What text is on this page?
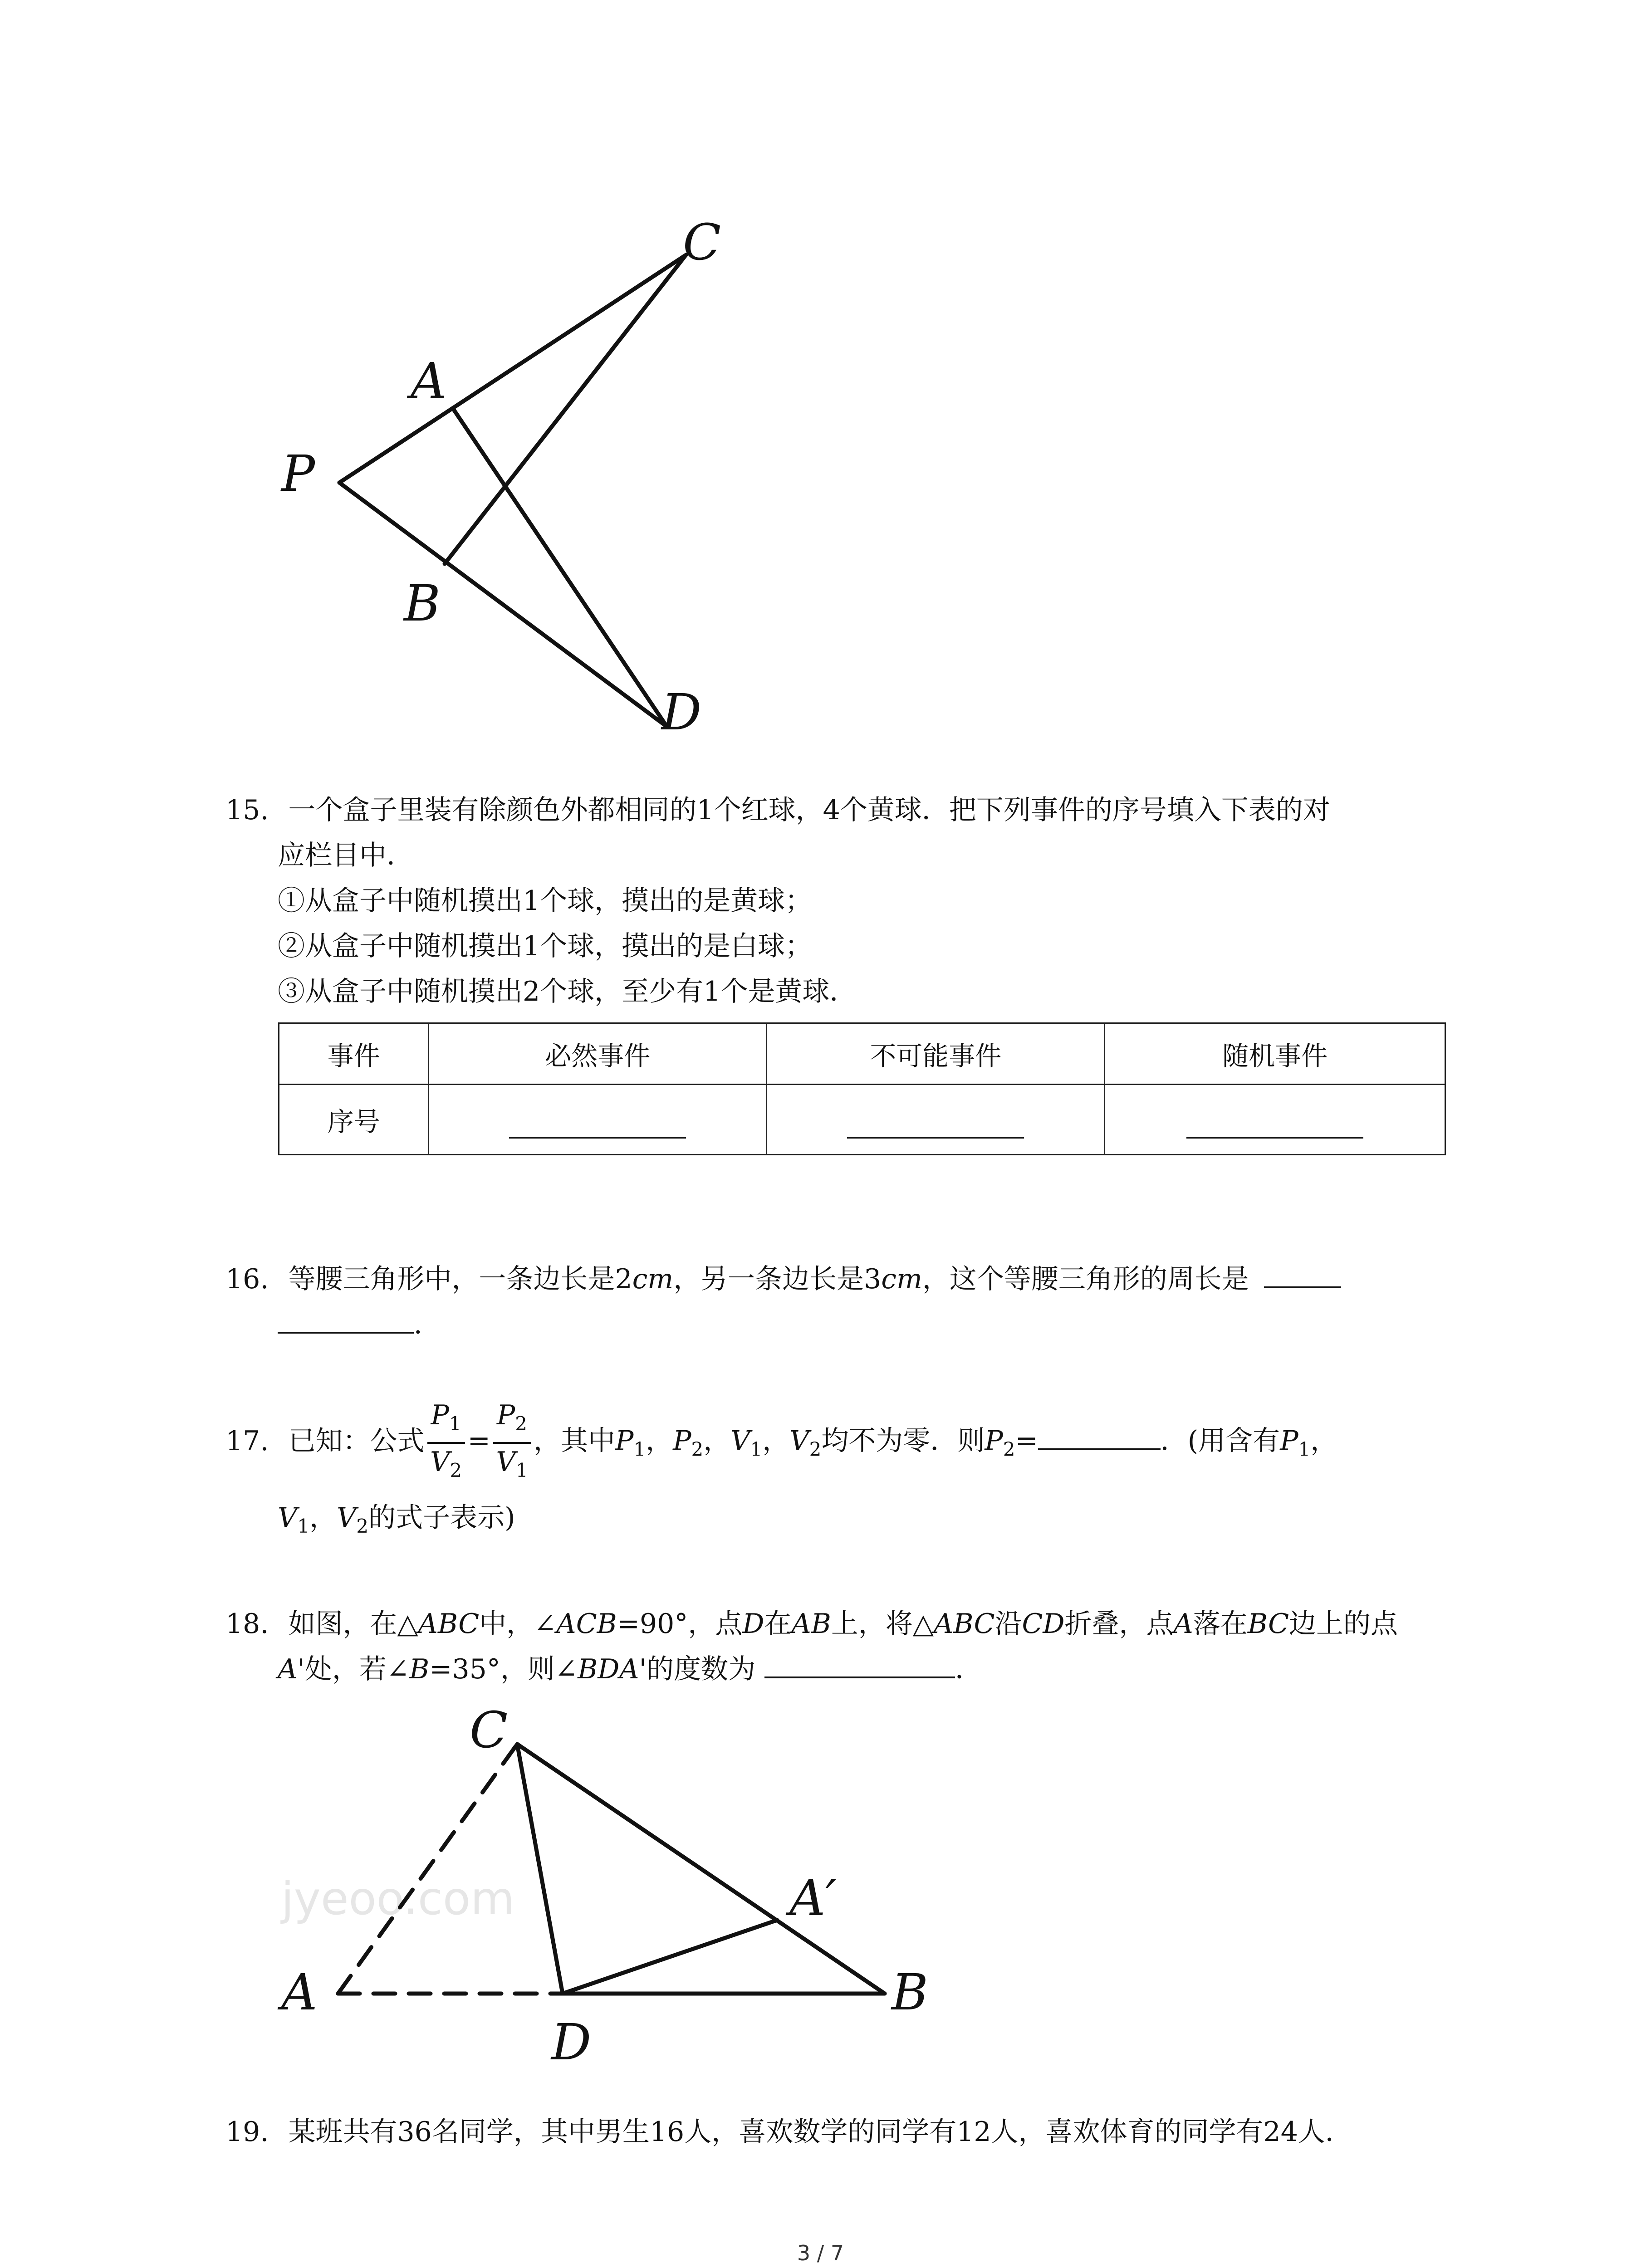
C
A
P
B
D
15. 一个盒子里装有除颜色外都相同的1个红球，4个黄球．把下列事件的序号填入下表的对
应栏目中．
①从盒子中随机摸出1个球，摸出的是黄球；
②从盒子中随机摸出1个球，摸出的是白球；
③从盒子中随机摸出2个球，至少有1个是黄球．
事件	必然事件	不可能事件	随机事件
序号			
16. 等腰三角形中，一条边长是2cm，另一条边长是3cm，这个等腰三角形的周长是
．
17. 已知：公式 $\frac{P_1}{V_2} = \frac{P_2}{V_1}$ ，其中$P_1$，$P_2$，$V_1$，$V_2$均不为零．则$P_2=$	．(用含有$P_1$，
$V_1$，$V_2$的式子表示)
18. 如图，在△ABC中，∠ACB=90°，点D在AB上，将△ABC沿CD折叠，点A落在BC边上的点
A'处，若∠B=35°，则∠BDA'的度数为	．
jyeoo.com
C
A
A′
B
D
19. 某班共有36名同学，其中男生16人，喜欢数学的同学有12人，喜欢体育的同学有24人．
3 / 7
